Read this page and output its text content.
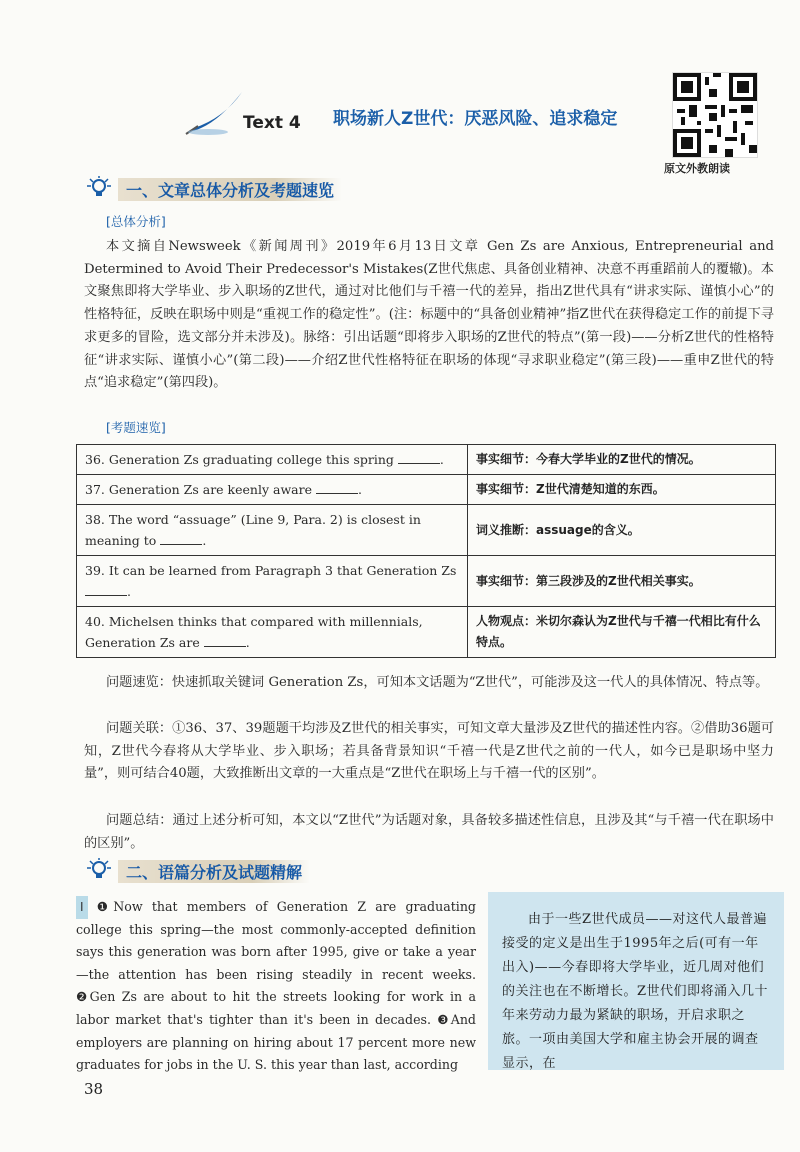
Text 4 职场新人Z世代：厌恶风险、追求稳定
原文外教朗读
一、文章总体分析及考题速览
[总体分析]
本文摘自Newsweek《新闻周刊》2019年6月13日文章 Gen Zs are Anxious, Entrepreneurial and Determined to Avoid Their Predecessor's Mistakes(Z世代焦虑、具备创业精神、决意不再重蹈前人的覆辙)。本文聚焦即将大学毕业、步入职场的Z世代，通过对比他们与千禧一代的差异，指出Z世代具有“讲求实际、谨慎小心”的性格特征，反映在职场中则是“重视工作的稳定性”。(注：标题中的“具备创业精神”指Z世代在获得稳定工作的前提下寻求更多的冒险，选文部分并未涉及)。脉络：引出话题“即将步入职场的Z世代的特点”(第一段)——分析Z世代的性格特征“讲求实际、谨慎小心”(第二段)——介绍Z世代性格特征在职场的体现“寻求职业稳定”(第三段)——重申Z世代的特点“追求稳定”(第四段)。
[考题速览]
36. Generation Zs graduating college this spring .	事实细节：今春大学毕业的Z世代的情况。
37. Generation Zs are keenly aware .	事实细节：Z世代清楚知道的东西。
38. The word “assuage” (Line 9, Para. 2) is closest in meaning to .	词义推断：assuage的含义。
39. It can be learned from Paragraph 3 that Generation Zs .	事实细节：第三段涉及的Z世代相关事实。
40. Michelsen thinks that compared with millennials, Generation Zs are .	人物观点：米切尔森认为Z世代与千禧一代相比有什么特点。
问题速览：快速抓取关键词 Generation Zs，可知本文话题为“Z世代”，可能涉及这一代人的具体情况、特点等。
问题关联：①36、37、39题题干均涉及Z世代的相关事实，可知文章大量涉及Z世代的描述性内容。②借助36题可知，Z世代今春将从大学毕业、步入职场；若具备背景知识“千禧一代是Z世代之前的一代人，如今已是职场中坚力量”，则可结合40题，大致推断出文章的一大重点是“Z世代在职场上与千禧一代的区别”。
问题总结：通过上述分析可知，本文以“Z世代”为话题对象，具备较多描述性信息，且涉及其“与千禧一代在职场中的区别”。
二、语篇分析及试题精解
I ❶Now that members of Generation Z are graduating college this spring—the most commonly-accepted definition says this generation was born after 1995, give or take a year—the attention has been rising steadily in recent weeks. ❷Gen Zs are about to hit the streets looking for work in a labor market that's tighter than it's been in decades. ❸And employers are planning on hiring about 17 percent more new graduates for jobs in the U. S. this year than last, according
由于一些Z世代成员——对这代人最普遍接受的定义是出生于1995年之后(可有一年出入)——今春即将大学毕业，近几周对他们的关注也在不断增长。Z世代们即将涌入几十年来劳动力最为紧缺的职场，开启求职之旅。一项由美国大学和雇主协会开展的调查显示，在
38
